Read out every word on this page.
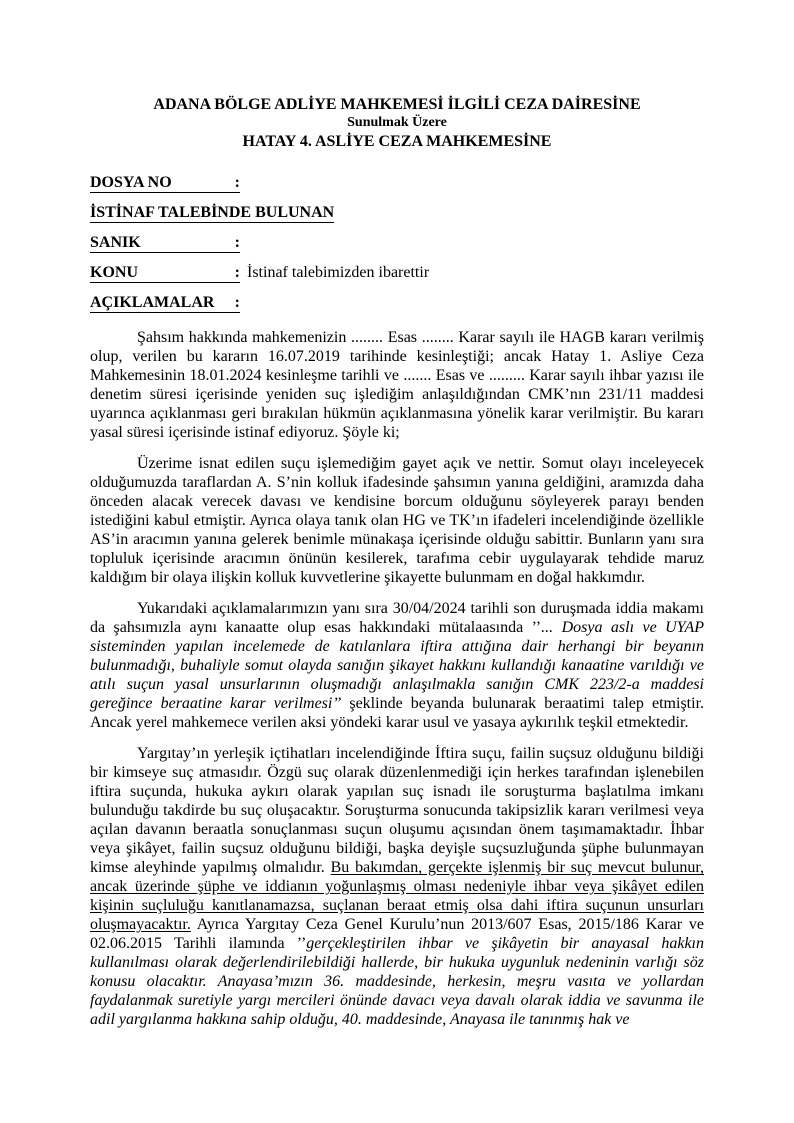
ADANA BÖLGE ADLİYE MAHKEMESİ İLGİLİ CEZA DAİRESİNE
Sunulmak Üzere
HATAY 4. ASLİYE CEZA MAHKEMESİNE
DOSYA NO	:
İSTİNAF TALEBİNDE BULUNAN
SANIK	:
KONU	: İstinaf talebimizden ibarettir
AÇIKLAMALAR :

Şahsım hakkında mahkemenizin ........ Esas ........ Karar sayılı ile HAGB kararı verilmiş olup, verilen bu kararın 16.07.2019 tarihinde kesinleştiği; ancak Hatay 1. Asliye Ceza Mahkemesinin 18.01.2024 kesinleşme tarihli ve ....... Esas ve ......... Karar sayılı ihbar yazısı ile denetim süresi içerisinde yeniden suç işlediğim anlaşıldığından CMK’nın 231/11 maddesi uyarınca açıklanması geri bırakılan hükmün açıklanmasına yönelik karar verilmiştir. Bu kararı yasal süresi içerisinde istinaf ediyoruz. Şöyle ki;

Üzerime isnat edilen suçu işlemediğim gayet açık ve nettir. Somut olayı inceleyecek olduğumuzda taraflardan A. S’nin kolluk ifadesinde şahsımın yanına geldiğini, aramızda daha önceden alacak verecek davası ve kendisine borcum olduğunu söyleyerek parayı benden istediğini kabul etmiştir. Ayrıca olaya tanık olan HG ve TK’ın ifadeleri incelendiğinde özellikle AS’in aracımın yanına gelerek benimle münakaşa içerisinde olduğu sabittir. Bunların yanı sıra topluluk içerisinde aracımın önünün kesilerek, tarafıma cebir uygulayarak tehdide maruz kaldığım bir olaya ilişkin kolluk kuvvetlerine şikayette bulunmam en doğal hakkımdır.

Yukarıdaki açıklamalarımızın yanı sıra 30/04/2024 tarihli son duruşmada iddia makamı da şahsımızla aynı kanaatte olup esas hakkındaki mütalaasında ’’... Dosya aslı ve UYAP sisteminden yapılan incelemede de katılanlara iftira attığına dair herhangi bir beyanın bulunmadığı, buhaliyle somut olayda sanığın şikayet hakkını kullandığı kanaatine varıldığı ve atılı suçun yasal unsurlarının oluşmadığı anlaşılmakla sanığın CMK 223/2-a maddesi gereğince beraatine karar verilmesi’’ şeklinde beyanda bulunarak beraatimi talep etmiştir. Ancak yerel mahkemece verilen aksi yöndeki karar usul ve yasaya aykırılık teşkil etmektedir.

Yargıtay’ın yerleşik içtihatları incelendiğinde İftira suçu, failin suçsuz olduğunu bildiği bir kimseye suç atmasıdır. Özgü suç olarak düzenlenmediği için herkes tarafından işlenebilen iftira suçunda, hukuka aykırı olarak yapılan suç isnadı ile soruşturma başlatılma imkanı bulunduğu takdirde bu suç oluşacaktır. Soruşturma sonucunda takipsizlik kararı verilmesi veya açılan davanın beraatla sonuçlanması suçun oluşumu açısından önem taşımamaktadır. İhbar veya şikâyet, failin suçsuz olduğunu bildiği, başka deyişle suçsuzluğunda şüphe bulunmayan kimse aleyhinde yapılmış olmalıdır. Bu bakımdan, gerçekte işlenmiş bir suç mevcut bulunur, ancak üzerinde şüphe ve iddianın yoğunlaşmış olması nedeniyle ihbar veya şikâyet edilen kişinin suçluluğu kanıtlanamazsa, suçlanan beraat etmiş olsa dahi iftira suçunun unsurları oluşmayacaktır. Ayrıca Yargıtay Ceza Genel Kurulu’nun 2013/607 Esas, 2015/186 Karar ve 02.06.2015 Tarihli ilamında ’’gerçekleştirilen ihbar ve şikâyetin bir anayasal hakkın kullanılması olarak değerlendirilebildiği hallerde, bir hukuka uygunluk nedeninin varlığı söz konusu olacaktır. Anayasa’mızın 36. maddesinde, herkesin, meşru vasıta ve yollardan faydalanmak suretiyle yargı mercileri önünde davacı veya davalı olarak iddia ve savunma ile adil yargılanma hakkına sahip olduğu, 40. maddesinde, Anayasa ile tanınmış hak ve
